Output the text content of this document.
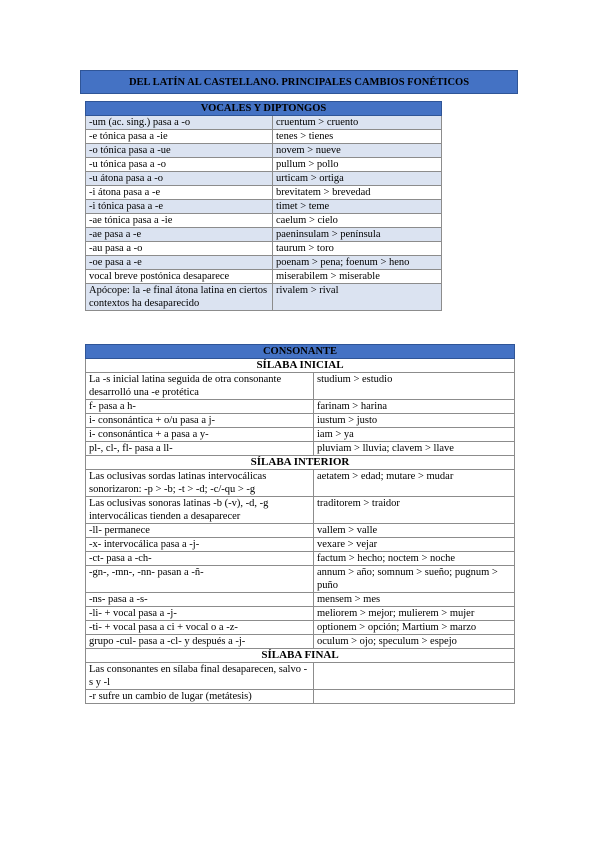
DEL LATÍN AL CASTELLANO. PRINCIPALES CAMBIOS FONÉTICOS
VOCALES Y DIPTONGOS	
-um (ac. sing.) pasa a -o	cruentum > cruento
-e tónica pasa a -ie	tenes > tienes
-o tónica pasa a -ue	novem > nueve
-u tónica pasa a -o	pullum > pollo
-u átona pasa a -o	urticam > ortiga
-i átona pasa a -e	brevitatem > brevedad
-i tónica pasa a -e	timet > teme
-ae tónica pasa a -ie	caelum > cielo
-ae pasa a -e	paeninsulam > península
-au pasa a -o	taurum > toro
-oe pasa a -e	poenam > pena; foenum > heno
vocal breve postónica desaparece	miserabilem > miserable
Apócope: la -e final átona latina en ciertos contextos ha desaparecido	rivalem > rival
CONSONANTE	
SÍLABA INICIAL	
La -s inicial latina seguida de otra consonante desarrolló una -e protética	studium > estudio
f- pasa a h-	farinam > harina
i- consonántica + o/u pasa a j-	iustum > justo
i- consonántica + a pasa a y-	iam > ya
pl-, cl-, fl- pasa a ll-	pluviam > lluvia; clavem > llave
SÍLABA INTERIOR	
Las oclusivas sordas latinas intervocálicas sonorizaron: -p > -b; -t > -d; -c/-qu > -g	aetatem > edad; mutare > mudar
Las oclusivas sonoras latinas -b (-v), -d, -g intervocálicas tienden a desaparecer	traditorem > traidor
-ll- permanece	vallem > valle
-x- intervocálica pasa a -j-	vexare > vejar
-ct- pasa a -ch-	factum > hecho; noctem > noche
-gn-, -mn-, -nn- pasan a -ñ-	annum > año; somnum > sueño; pugnum > puño
-ns- pasa a -s-	mensem > mes
-li- + vocal pasa a -j-	meliorem > mejor; mulierem > mujer
-ti- + vocal pasa a ci + vocal o a -z-	optionem > opción; Martium > marzo
grupo -cul- pasa a -cl- y después a -j-	oculum > ojo; speculum > espejo
SÍLABA FINAL	
Las consonantes en sílaba final desaparecen, salvo -s y -l	
-r sufre un cambio de lugar (metátesis)	
